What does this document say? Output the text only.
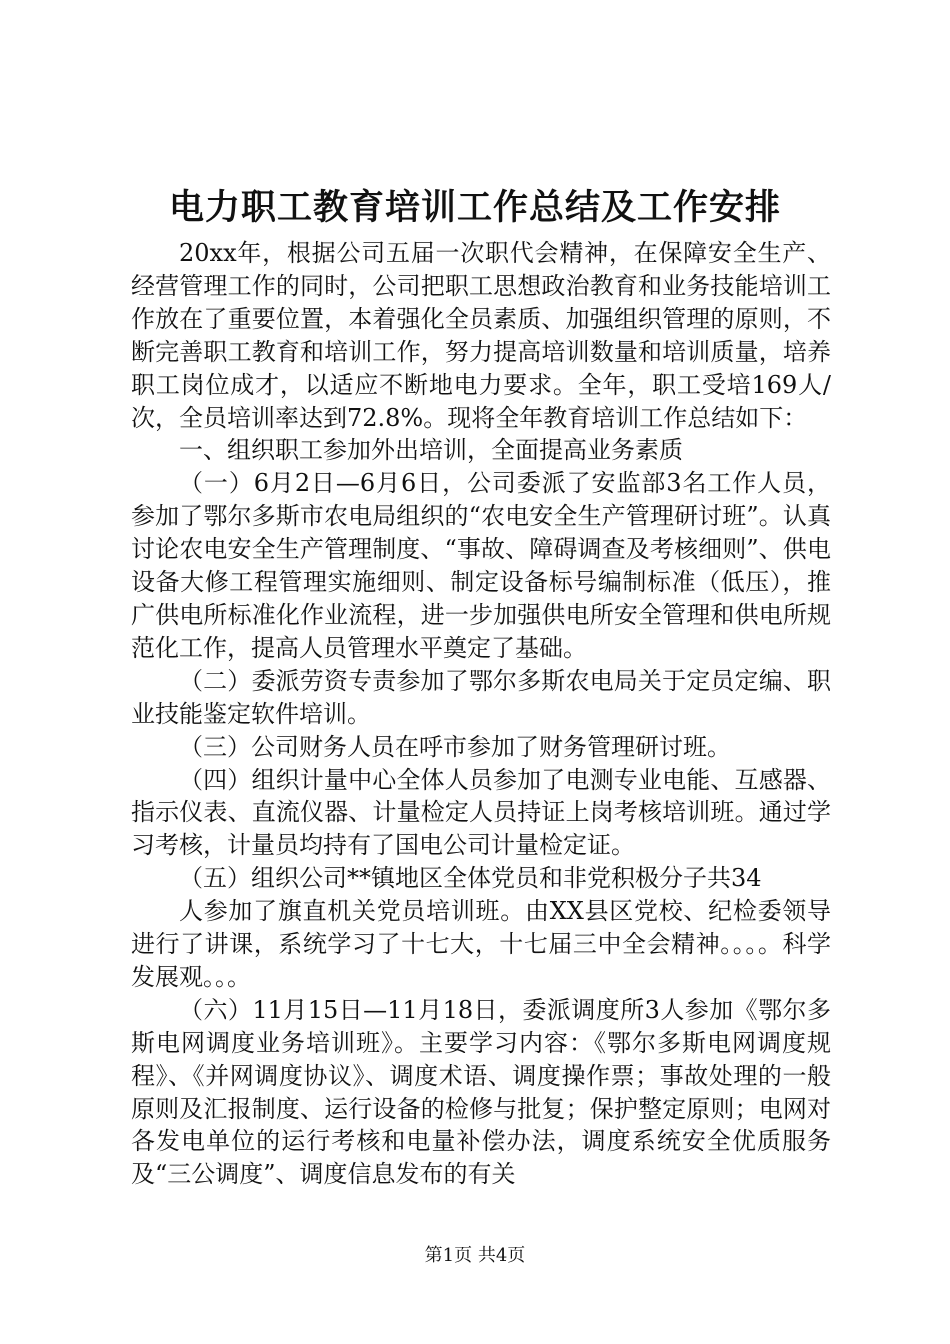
电力职工教育培训工作总结及工作安排

20xx年，根据公司五届一次职代会精神，在保障安全生产、经营管理工作的同时，公司把职工思想政治教育和业务技能培训工作放在了重要位置，本着强化全员素质、加强组织管理的原则，不断完善职工教育和培训工作，努力提高培训数量和培训质量，培养职工岗位成才，以适应不断地电力要求。全年，职工受培169人/次，全员培训率达到72.8%。现将全年教育培训工作总结如下：

一、组织职工参加外出培训，全面提高业务素质

（一）6月2日—6月6日，公司委派了安监部3名工作人员，参加了鄂尔多斯市农电局组织的“农电安全生产管理研讨班”。认真讨论农电安全生产管理制度、“事故、障碍调查及考核细则”、供电设备大修工程管理实施细则、制定设备标号编制标准（低压），推广供电所标准化作业流程，进一步加强供电所安全管理和供电所规范化工作，提高人员管理水平奠定了基础。

（二）委派劳资专责参加了鄂尔多斯农电局关于定员定编、职业技能鉴定软件培训。

（三）公司财务人员在呼市参加了财务管理研讨班。

（四）组织计量中心全体人员参加了电测专业电能、互感器、指示仪表、直流仪器、计量检定人员持证上岗考核培训班。通过学习考核，计量员均持有了国电公司计量检定证。

（五）组织公司**镇地区全体党员和非党积极分子共34

人参加了旗直机关党员培训班。由XX县区党校、纪检委领导进行了讲课，系统学习了十七大，十七届三中全会精神。。。。科学发展观。。。

（六）11月15日—11月18日，委派调度所3人参加《鄂尔多斯电网调度业务培训班》。主要学习内容：《鄂尔多斯电网调度规程》、《并网调度协议》、调度术语、调度操作票；事故处理的一般原则及汇报制度、运行设备的检修与批复；保护整定原则；电网对各发电单位的运行考核和电量补偿办法，调度系统安全优质服务及“三公调度”、调度信息发布的有关

第1页 共4页
